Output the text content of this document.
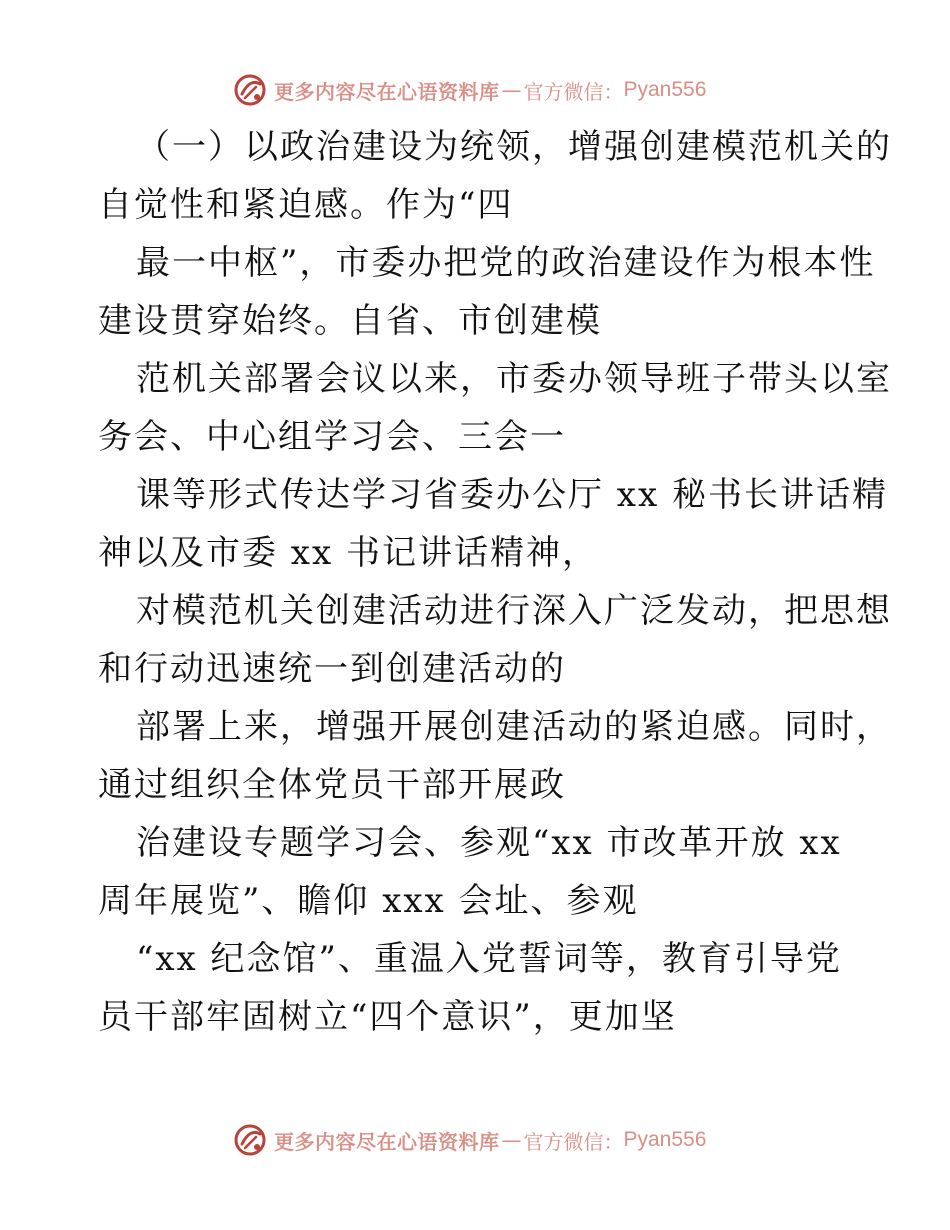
更多内容尽在心语资料库 — 官方微信： Pyan556
（一）以政治建设为统领，增强创建模范机关的
自觉性和紧迫感。作为“四
最一中枢”，市委办把党的政治建设作为根本性
建设贯穿始终。自省、市创建模
范机关部署会议以来，市委办领导班子带头以室
务会、中心组学习会、三会一
课等形式传达学习省委办公厅 xx 秘书长讲话精
神以及市委 xx 书记讲话精神，
对模范机关创建活动进行深入广泛发动，把思想
和行动迅速统一到创建活动的
部署上来，增强开展创建活动的紧迫感。同时，
通过组织全体党员干部开展政
治建设专题学习会、参观“xx 市改革开放 xx
周年展览”、瞻仰 xxx 会址、参观
“xx 纪念馆”、重温入党誓词等，教育引导党
员干部牢固树立“四个意识”，更加坚
更多内容尽在心语资料库 — 官方微信： Pyan556
